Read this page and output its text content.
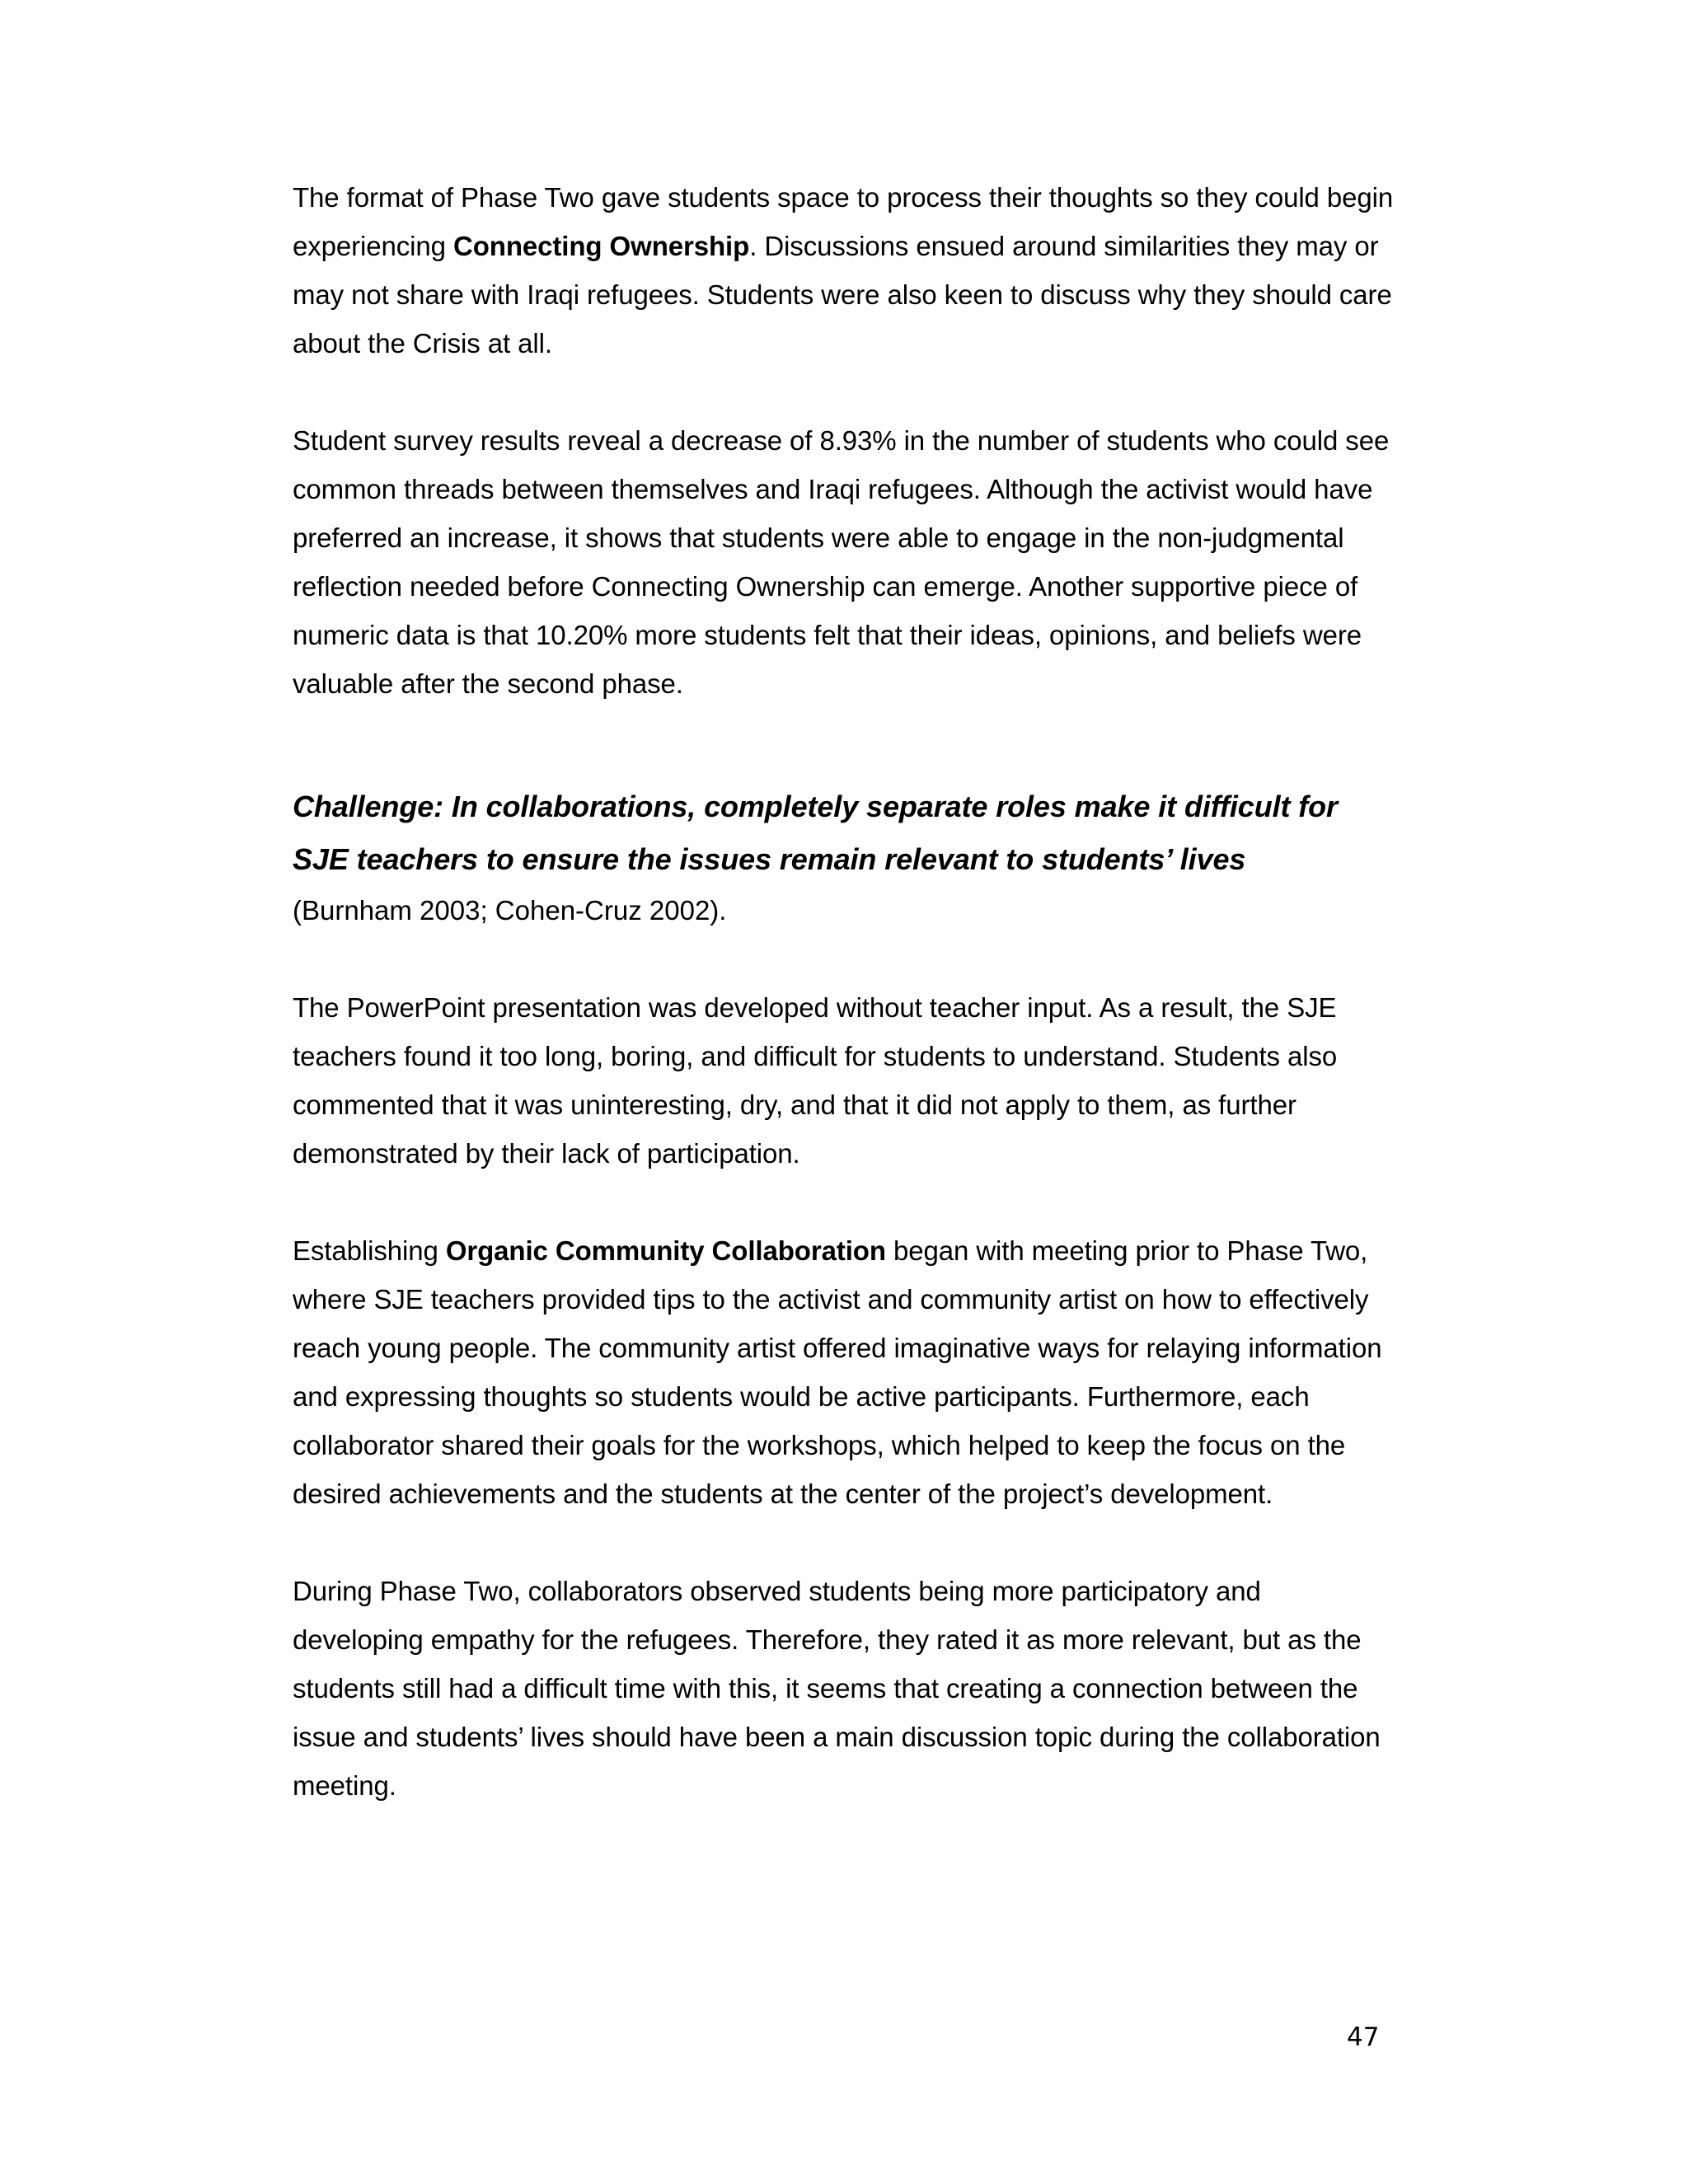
The format of Phase Two gave students space to process their thoughts so they could begin experiencing Connecting Ownership. Discussions ensued around similarities they may or may not share with Iraqi refugees. Students were also keen to discuss why they should care about the Crisis at all.

Student survey results reveal a decrease of 8.93% in the number of students who could see common threads between themselves and Iraqi refugees. Although the activist would have preferred an increase, it shows that students were able to engage in the non-judgmental reflection needed before Connecting Ownership can emerge. Another supportive piece of numeric data is that 10.20% more students felt that their ideas, opinions, and beliefs were valuable after the second phase.

Challenge: In collaborations, completely separate roles make it difficult for SJE teachers to ensure the issues remain relevant to students’ lives

(Burnham 2003; Cohen-Cruz 2002).

The PowerPoint presentation was developed without teacher input. As a result, the SJE teachers found it too long, boring, and difficult for students to understand. Students also commented that it was uninteresting, dry, and that it did not apply to them, as further demonstrated by their lack of participation.

Establishing Organic Community Collaboration began with meeting prior to Phase Two, where SJE teachers provided tips to the activist and community artist on how to effectively reach young people. The community artist offered imaginative ways for relaying information and expressing thoughts so students would be active participants. Furthermore, each collaborator shared their goals for the workshops, which helped to keep the focus on the desired achievements and the students at the center of the project’s development.

During Phase Two, collaborators observed students being more participatory and developing empathy for the refugees. Therefore, they rated it as more relevant, but as the students still had a difficult time with this, it seems that creating a connection between the issue and students’ lives should have been a main discussion topic during the collaboration meeting.

47
